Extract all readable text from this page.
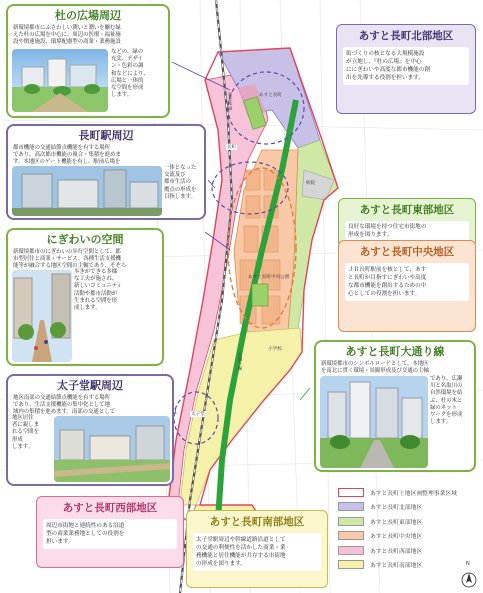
東北本線
長町
太子堂
あすと長町
あすと長町中央公園
病院
小学校
大通り線
杜の広場周辺

新環境都市にふさわしい潤いと潤いを醸む緑

えた杜の広場を中心に、周辺の医療・福祉施

設や関連施設、環境配慮型の商業・業務施設

などの、緑の

充実、デザイ

ン・色彩の調

和などにより、

広場と一体的

な空間を形成

します。

長町駅周辺

都市機能の交通結節点機能を有する場所

であり、高次都市機能の複合・集積を進めま

す。本地区のゲート機能を有し、駅前広場を

一体となった

交流及び

都市生活の

拠点の形成を

目指します。

にぎわいの空間

新環境都市のにぎわいの歩行空間として、都

市型居住と商業・サービス、各種生活支援機

能等が融合する地区空間の主軸であり、そぞろ

歩きができる多様

な工夫が施され、

新しいコミュニティ

活動や都市活動が

生まれる空間を形

成します。

太子堂駅周辺

地区南部の交通結節点機能を有する場所

であり、生活支援機能の集中化として地

域内の集積を進めます。南部の交通として

地区居住

者に親しま

れる空間を

形成

します。

あすと長町北部地区

街づくりの核となる大規模施設

が立地し、『杜の広場』を中心

ににぎわいや高度な都市機能の創

出を先導する役割を担います。

あすと長町東部地区

良好な環境を持つ住宅市街地の

形成を図ります。

あすと長町中央地区

ＪＲ長町駅前を核として、あす

と長町が目指すにぎわいや高度

な都市機能を創出するための中

心としての役割を担います。

あすと長町大通り線

新環境都市のシンボルロードとして、本地区

を南北に貫く環境・景観形成及び交通の主軸

であり、広瀬

川と名取川の

自然環境を結

ぶ、杜の木と

緑のネット

ワークを形成

します。

あすと長町西部地区

周辺市街地と連続性のある沿道

型の商業業務地としての役割を

担います。

あすと長町南部地区

太子堂駅周辺や幹線道路沿道として

の交通の利便性を活かした商業・業

務機能と居住機能が共存する市街地

の形成を図ります。

あすと長町土地区画整理事業区域
あすと長町北部地区
あすと長町東部地区
あすと長町中央地区
あすと長町西部地区
あすと長町南部地区	N
